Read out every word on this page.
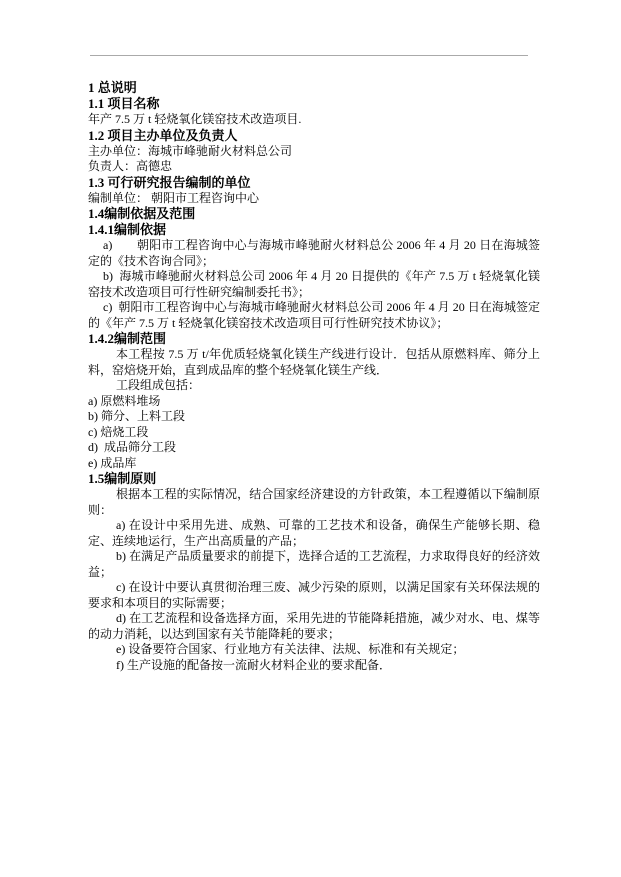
1 总说明
1.1 项目名称

年产 7.5 万 t 轻烧氧化镁窑技术改造项目.

1.2 项目主办单位及负责人
主办单位：海城市峰驰耐火材料总公司
负责人：高德忠
1.3 可行研究报告编制的单位

编制单位： 朝阳市工程咨询中心

1.4编制依据及范围
1.4.1编制依据

a)　　朝阳市工程咨询中心与海城市峰驰耐火材料总公 2006 年 4 月 20 日在海城签定的《技术咨询合同》；

b)  海城市峰驰耐火材料总公司 2006 年 4 月 20 日提供的《年产 7.5 万 t 轻烧氧化镁窑技术改造项目可行性研究编制委托书》；

c)  朝阳市工程咨询中心与海城市峰驰耐火材料总公司 2006 年 4 月 20 日在海城签定的《年产 7.5 万 t 轻烧氧化镁窑技术改造项目可行性研究技术协议》；

1.4.2编制范围

本工程按 7.5 万 t/年优质轻烧氧化镁生产线进行设计．包括从原燃料库、筛分上料，窑焙烧开始，直到成品库的整个轻烧氧化镁生产线．

工段组成包括：

a) 原燃料堆场
b) 筛分、上料工段
c) 焙烧工段
d)  成品筛分工段
e) 成品库
1.5编制原则

根据本工程的实际情况，结合国家经济建设的方针政策，本工程遵循以下编制原则：

a) 在设计中采用先进、成熟、可靠的工艺技术和设备，确保生产能够长期、稳定、连续地运行，生产出高质量的产品；

b) 在满足产品质量要求的前提下，选择合适的工艺流程，力求取得良好的经济效益；

c) 在设计中要认真贯彻治理三废、减少污染的原则，以满足国家有关环保法规的要求和本项目的实际需要；

d) 在工艺流程和设备选择方面，采用先进的节能降耗措施，减少对水、电、煤等的动力消耗，以达到国家有关节能降耗的要求；

e) 设备要符合国家、行业地方有关法律、法规、标准和有关规定；

f) 生产设施的配备按一流耐火材料企业的要求配备．
